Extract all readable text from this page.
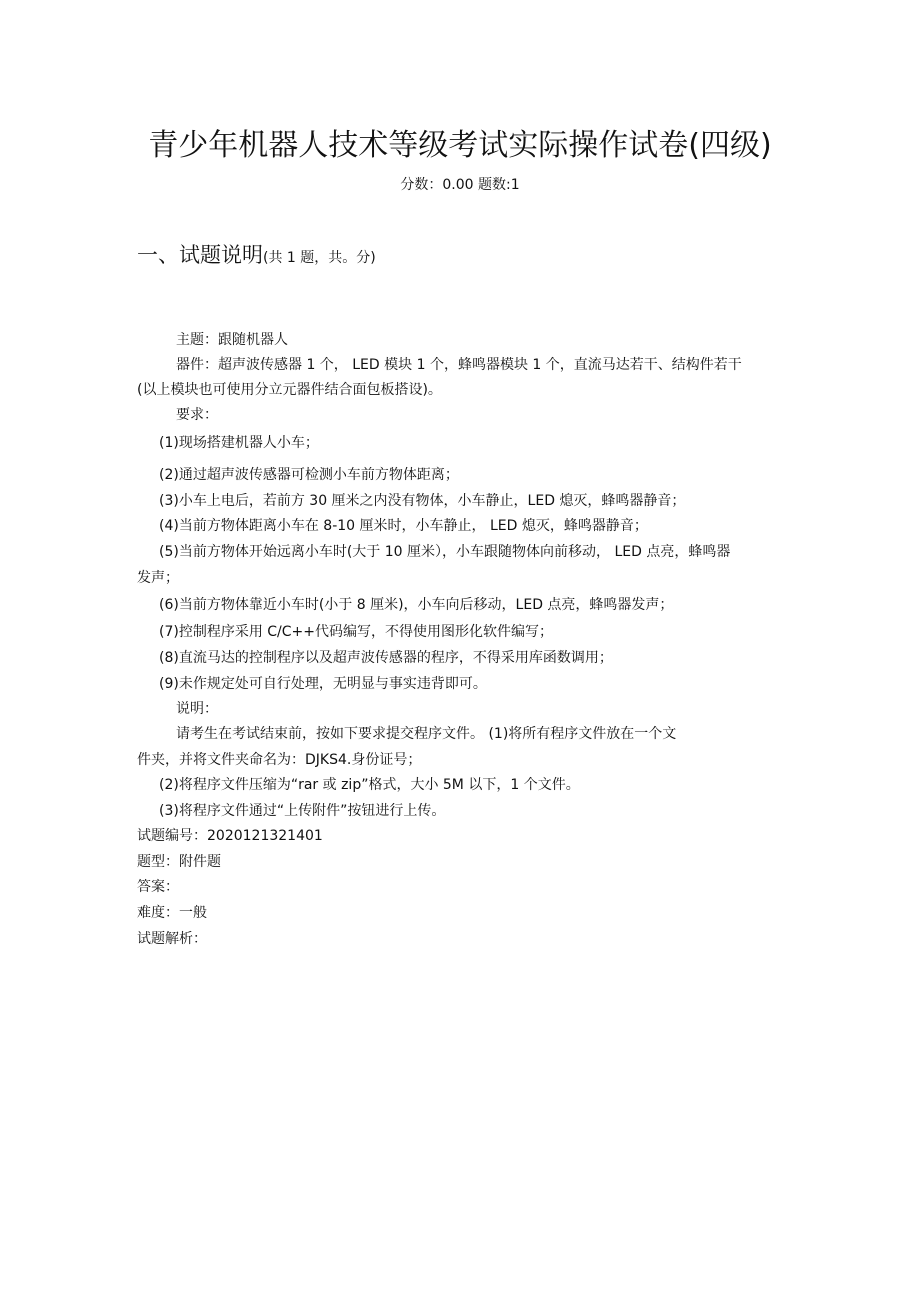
青少年机器人技术等级考试实际操作试卷(四级)
分数：0.00 题数:1
一、试题说明(共 1 题，共。分)
主题：跟随机器人
器件：超声波传感器 1 个， LED 模块 1 个，蜂鸣器模块 1 个，直流马达若干、结构件若干
(以上模块也可使用分立元器件结合面包板搭设)。
要求：
(1)现场搭建机器人小车；
(2)通过超声波传感器可检测小车前方物体距离；
(3)小车上电后，若前方 30 厘米之内没有物体，小车静止，LED 熄灭，蜂鸣器静音；
(4)当前方物体距离小车在 8-10 厘米时，小车静止， LED 熄灭，蜂鸣器静音；
(5)当前方物体开始远离小车时(大于 10 厘米），小车跟随物体向前移动， LED 点亮，蜂鸣器
发声；
(6)当前方物体靠近小车时(小于 8 厘米)，小车向后移动，LED 点亮，蜂鸣器发声；
(7)控制程序采用 C/C++代码编写，不得使用图形化软件编写；
(8)直流马达的控制程序以及超声波传感器的程序，不得采用库函数调用；
(9)未作规定处可自行处理，无明显与事实违背即可。
说明：
请考生在考试结束前，按如下要求提交程序文件。 (1)将所有程序文件放在一个文
件夹，并将文件夹命名为：DJKS4.身份证号；
(2)将程序文件压缩为“rar 或 zip”格式，大小 5M 以下，1 个文件。
(3)将程序文件通过“上传附件”按钮进行上传。
试题编号：2020121321401
题型：附件题
答案：
难度：一般
试题解析：
